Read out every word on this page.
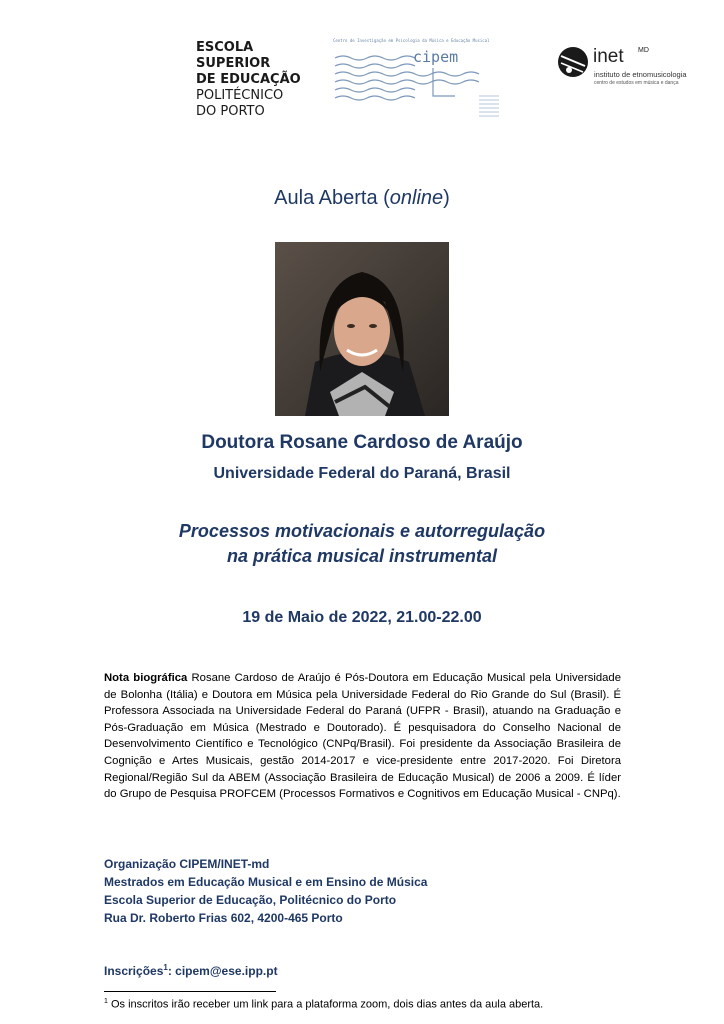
ESCOLA
SUPERIOR
DE EDUCAÇÃO
POLITÉCNICO
DO PORTO
Centro de Investigação em Psicologia da Música e Educação Musical
cipem	inet MD
instituto de etnomusicologia
centro de estudos em música e dança
Aula Aberta (online)
Doutora Rosane Cardoso de Araújo
Universidade Federal do Paraná, Brasil
Processos motivacionais e autorregulação
na prática musical instrumental
19 de Maio de 2022, 21.00-22.00
Nota biográfica Rosane Cardoso de Araújo é Pós-Doutora em Educação Musical pela Universidade de Bolonha (Itália) e Doutora em Música pela Universidade Federal do Rio Grande do Sul (Brasil). É Professora Associada na Universidade Federal do Paraná (UFPR - Brasil), atuando na Graduação e Pós-Graduação em Música (Mestrado e Doutorado). É pesquisadora do Conselho Nacional de Desenvolvimento Científico e Tecnológico (CNPq/Brasil). Foi presidente da Associação Brasileira de Cognição e Artes Musicais, gestão 2014-2017 e vice-presidente entre 2017-2020. Foi Diretora Regional/Região Sul da ABEM (Associação Brasileira de Educação Musical) de 2006 a 2009. É líder do Grupo de Pesquisa PROFCEM (Processos Formativos e Cognitivos em Educação Musical - CNPq).
Organização CIPEM/INET-md
Mestrados em Educação Musical e em Ensino de Música
Escola Superior de Educação, Politécnico do Porto
Rua Dr. Roberto Frias 602, 4200-465 Porto
Inscrições$^1$: cipem@ese.ipp.pt
$^1$ Os inscritos irão receber um link para a plataforma zoom, dois dias antes da aula aberta.
